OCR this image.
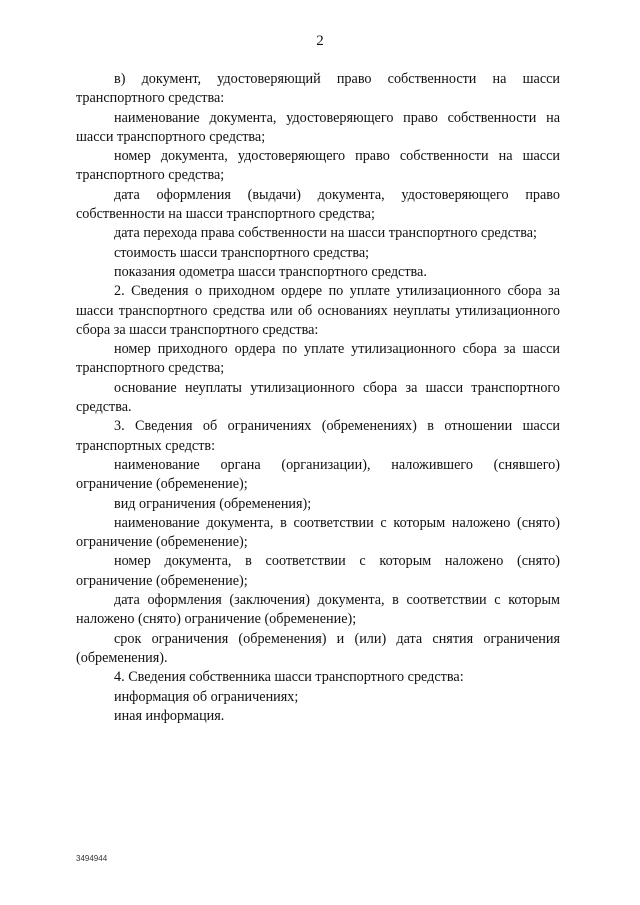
2

в) документ, удостоверяющий право собственности на шасси транспортного средства:

наименование документа, удостоверяющего право собственности на шасси транспортного средства;

номер документа, удостоверяющего право собственности на шасси транспортного средства;

дата оформления (выдачи) документа, удостоверяющего право собственности на шасси транспортного средства;

дата перехода права собственности на шасси транспортного средства;

стоимость шасси транспортного средства;

показания одометра шасси транспортного средства.

2. Сведения о приходном ордере по уплате утилизационного сбора за шасси транспортного средства или об основаниях неуплаты утилизационного сбора за шасси транспортного средства:

номер приходного ордера по уплате утилизационного сбора за шасси транспортного средства;

основание неуплаты утилизационного сбора за шасси транспортного средства.

3. Сведения об ограничениях (обременениях) в отношении шасси транспортных средств:

наименование органа (организации), наложившего (снявшего) ограничение (обременение);

вид ограничения (обременения);

наименование документа, в соответствии с которым наложено (снято) ограничение (обременение);

номер документа, в соответствии с которым наложено (снято) ограничение (обременение);

дата оформления (заключения) документа, в соответствии с которым наложено (снято) ограничение (обременение);

срок ограничения (обременения) и (или) дата снятия ограничения (обременения).

4. Сведения собственника шасси транспортного средства:

информация об ограничениях;

иная информация.

3494944
